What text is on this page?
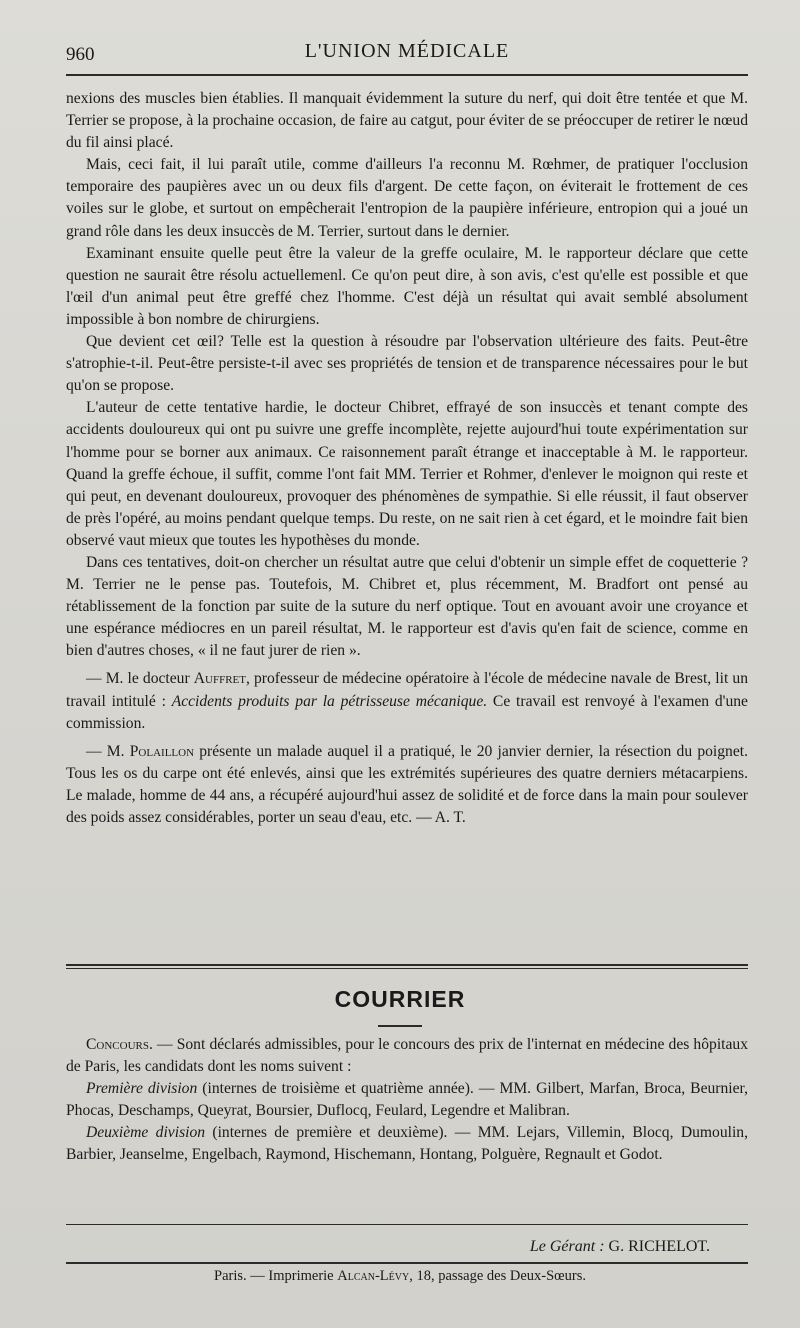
960	L'UNION MÉDICALE

nexions des muscles bien établies. Il manquait évidemment la suture du nerf, qui doit être tentée et que M. Terrier se propose, à la prochaine occasion, de faire au catgut, pour éviter de se préoccuper de retirer le nœud du fil ainsi placé.

Mais, ceci fait, il lui paraît utile, comme d'ailleurs l'a reconnu M. Rœhmer, de pratiquer l'occlusion temporaire des paupières avec un ou deux fils d'argent. De cette façon, on éviterait le frottement de ces voiles sur le globe, et surtout on empêcherait l'entropion de la paupière inférieure, entropion qui a joué un grand rôle dans les deux insuccès de M. Terrier, surtout dans le dernier.

Examinant ensuite quelle peut être la valeur de la greffe oculaire, M. le rapporteur déclare que cette question ne saurait être résolu actuellemenl. Ce qu'on peut dire, à son avis, c'est qu'elle est possible et que l'œil d'un animal peut être greffé chez l'homme. C'est déjà un résultat qui avait semblé absolument impossible à bon nombre de chirurgiens.

Que devient cet œil? Telle est la question à résoudre par l'observation ultérieure des faits. Peut-être s'atrophie-t-il. Peut-être persiste-t-il avec ses propriétés de tension et de transparence nécessaires pour le but qu'on se propose.

L'auteur de cette tentative hardie, le docteur Chibret, effrayé de son insuccès et tenant compte des accidents douloureux qui ont pu suivre une greffe incomplète, rejette aujourd'hui toute expérimentation sur l'homme pour se borner aux animaux. Ce raisonnement paraît étrange et inacceptable à M. le rapporteur. Quand la greffe échoue, il suffit, comme l'ont fait MM. Terrier et Rohmer, d'enlever le moignon qui reste et qui peut, en devenant douloureux, provoquer des phénomènes de sympathie. Si elle réussit, il faut observer de près l'opéré, au moins pendant quelque temps. Du reste, on ne sait rien à cet égard, et le moindre fait bien observé vaut mieux que toutes les hypothèses du monde.

Dans ces tentatives, doit-on chercher un résultat autre que celui d'obtenir un simple effet de coquetterie ? M. Terrier ne le pense pas. Toutefois, M. Chibret et, plus récemment, M. Bradfort ont pensé au rétablissement de la fonction par suite de la suture du nerf optique. Tout en avouant avoir une croyance et une espérance médiocres en un pareil résultat, M. le rapporteur est d'avis qu'en fait de science, comme en bien d'autres choses, « il ne faut jurer de rien ».

— M. le docteur Auffret, professeur de médecine opératoire à l'école de médecine navale de Brest, lit un travail intitulé : Accidents produits par la pétrisseuse mécanique. Ce travail est renvoyé à l'examen d'une commission.

— M. Polaillon présente un malade auquel il a pratiqué, le 20 janvier dernier, la résection du poignet. Tous les os du carpe ont été enlevés, ainsi que les extrémités supérieures des quatre derniers métacarpiens. Le malade, homme de 44 ans, a récupéré aujourd'hui assez de solidité et de force dans la main pour soulever des poids assez considérables, porter un seau d'eau, etc. — A. T.

COURRIER

Concours. — Sont déclarés admissibles, pour le concours des prix de l'internat en médecine des hôpitaux de Paris, les candidats dont les noms suivent :

Première division (internes de troisième et quatrième année). — MM. Gilbert, Marfan, Broca, Beurnier, Phocas, Deschamps, Queyrat, Boursier, Duflocq, Feulard, Legendre et Malibran.

Deuxième division (internes de première et deuxième). — MM. Lejars, Villemin, Blocq, Dumoulin, Barbier, Jeanselme, Engelbach, Raymond, Hischemann, Hontang, Polguère, Regnault et Godot.

Le Gérant : G. RICHELOT.
Paris. — Imprimerie Alcan-Lévy, 18, passage des Deux-Sœurs.
